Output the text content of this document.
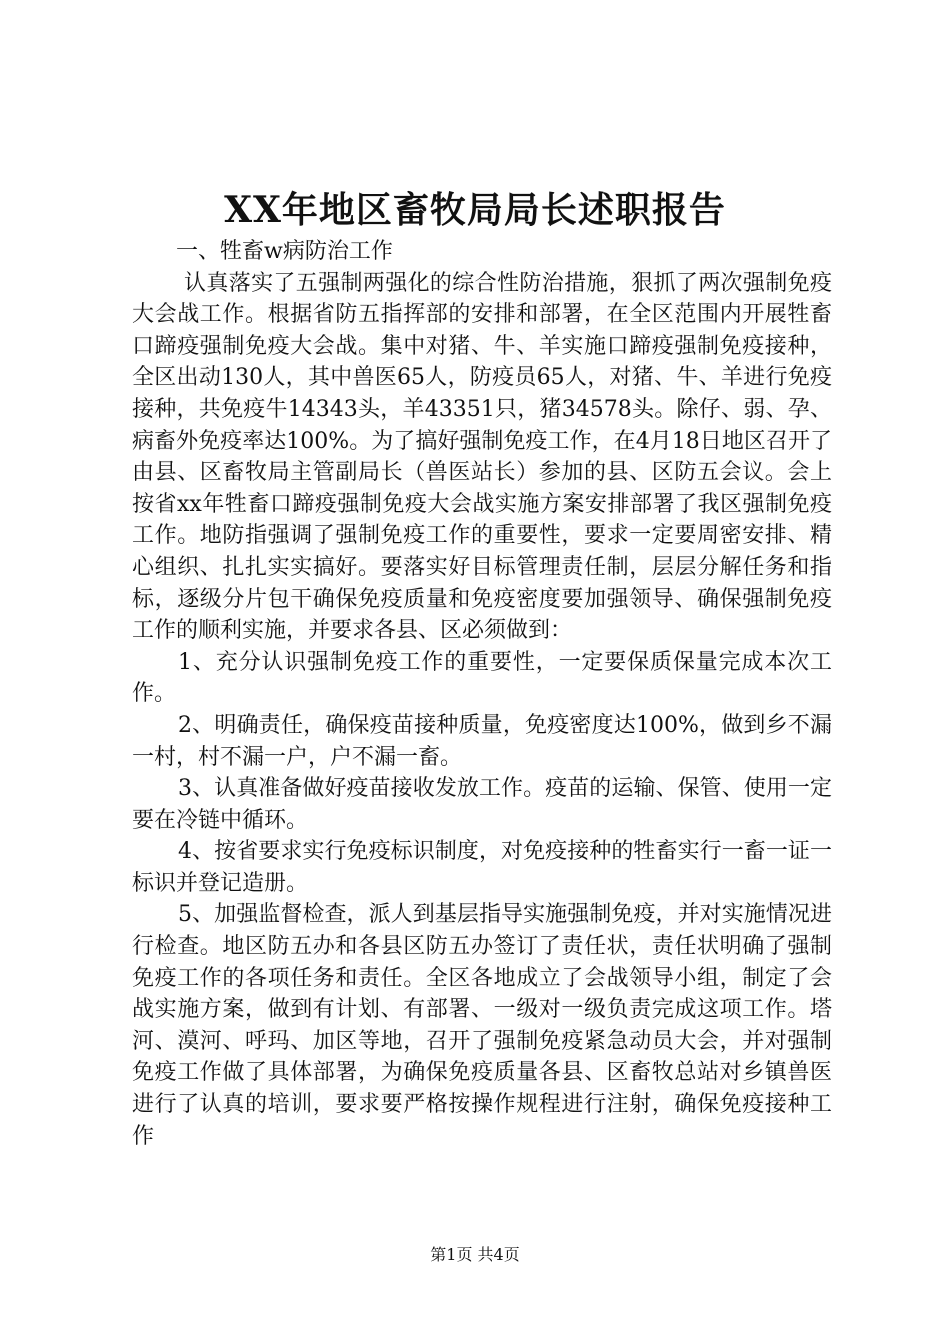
XX年地区畜牧局局长述职报告

一、牲畜w病防治工作

认真落实了五强制两强化的综合性防治措施，狠抓了两次强制免疫大会战工作。根据省防五指挥部的安排和部署，在全区范围内开展牲畜口蹄疫强制免疫大会战。集中对猪、牛、羊实施口蹄疫强制免疫接种，全区出动130人，其中兽医65人，防疫员65人，对猪、牛、羊进行免疫接种，共免疫牛14343头，羊43351只，猪34578头。除仔、弱、孕、病畜外免疫率达100%。为了搞好强制免疫工作，在4月18日地区召开了由县、区畜牧局主管副局长（兽医站长）参加的县、区防五会议。会上按省xx年牲畜口蹄疫强制免疫大会战实施方案安排部署了我区强制免疫工作。地防指强调了强制免疫工作的重要性，要求一定要周密安排、精心组织、扎扎实实搞好。要落实好目标管理责任制，层层分解任务和指标，逐级分片包干确保免疫质量和免疫密度要加强领导、确保强制免疫工作的顺利实施，并要求各县、区必须做到：

1、充分认识强制免疫工作的重要性，一定要保质保量完成本次工作。

2、明确责任，确保疫苗接种质量，免疫密度达100%，做到乡不漏一村，村不漏一户，户不漏一畜。

3、认真准备做好疫苗接收发放工作。疫苗的运输、保管、使用一定要在冷链中循环。

4、按省要求实行免疫标识制度，对免疫接种的牲畜实行一畜一证一标识并登记造册。

5、加强监督检查，派人到基层指导实施强制免疫，并对实施情况进行检查。地区防五办和各县区防五办签订了责任状，责任状明确了强制免疫工作的各项任务和责任。全区各地成立了会战领导小组，制定了会战实施方案，做到有计划、有部署、一级对一级负责完成这项工作。塔河、漠河、呼玛、加区等地，召开了强制免疫紧急动员大会，并对强制免疫工作做了具体部署，为确保免疫质量各县、区畜牧总站对乡镇兽医进行了认真的培训，要求要严格按操作规程进行注射，确保免疫接种工作

第1页 共4页
